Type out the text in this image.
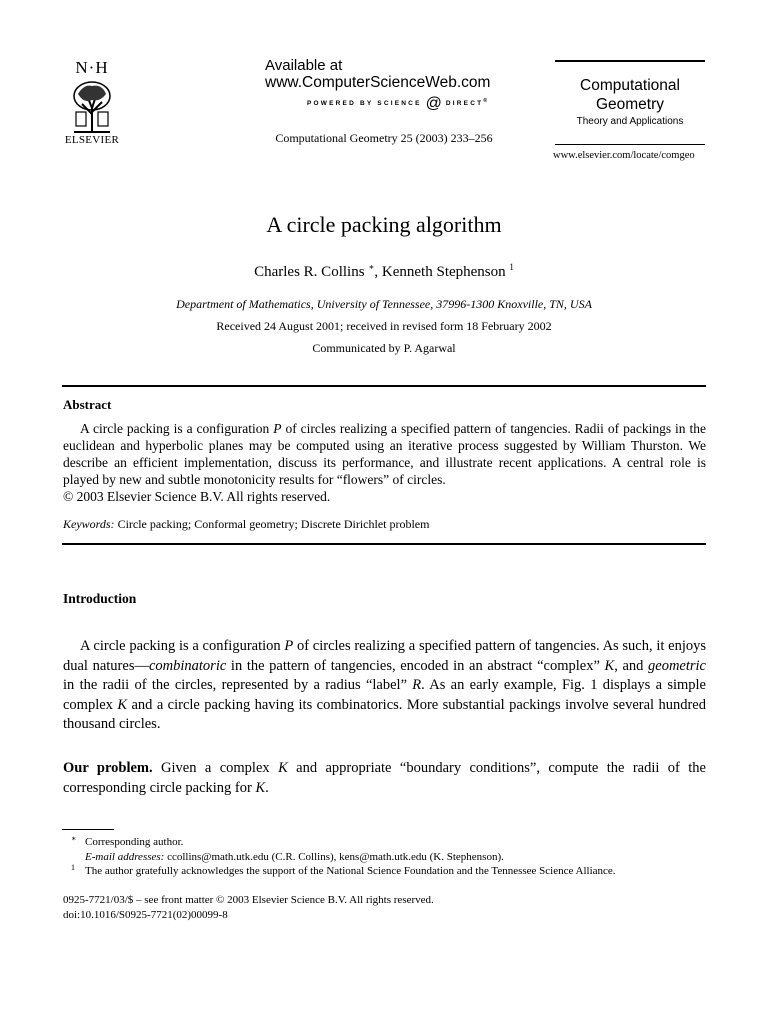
N·H
ELSEVIER
Available at
www.ComputerScienceWeb.com
POWERED BY SCIENCE @ DIRECT®
Computational Geometry 25 (2003) 233–256
Computational
Geometry
Theory and Applications
www.elsevier.com/locate/comgeo
A circle packing algorithm
Charles R. Collins ∗, Kenneth Stephenson $^1$
Department of Mathematics, University of Tennessee, 37996-1300 Knoxville, TN, USA
Received 24 August 2001; received in revised form 18 February 2002
Communicated by P. Agarwal
Abstract

A circle packing is a configuration P of circles realizing a specified pattern of tangencies. Radii of packings in the euclidean and hyperbolic planes may be computed using an iterative process suggested by William Thurston. We describe an efficient implementation, discuss its performance, and illustrate recent applications. A central role is played by new and subtle monotonicity results for “flowers” of circles.

© 2003 Elsevier Science B.V. All rights reserved.
Keywords: Circle packing; Conformal geometry; Discrete Dirichlet problem
Introduction

A circle packing is a configuration P of circles realizing a specified pattern of tangencies. As such, it enjoys dual natures—combinatoric in the pattern of tangencies, encoded in an abstract “complex” K, and geometric in the radii of the circles, represented by a radius “label” R. As an early example, Fig. 1 displays a simple complex K and a circle packing having its combinatorics. More substantial packings involve several hundred thousand circles.

Our problem. Given a complex K and appropriate “boundary conditions”, compute the radii of the corresponding circle packing for K.
∗ Corresponding author.
E-mail addresses: ccollins@math.utk.edu (C.R. Collins), kens@math.utk.edu (K. Stephenson).
1 The author gratefully acknowledges the support of the National Science Foundation and the Tennessee Science Alliance.
0925-7721/03/$ – see front matter © 2003 Elsevier Science B.V. All rights reserved.
doi:10.1016/S0925-7721(02)00099-8
